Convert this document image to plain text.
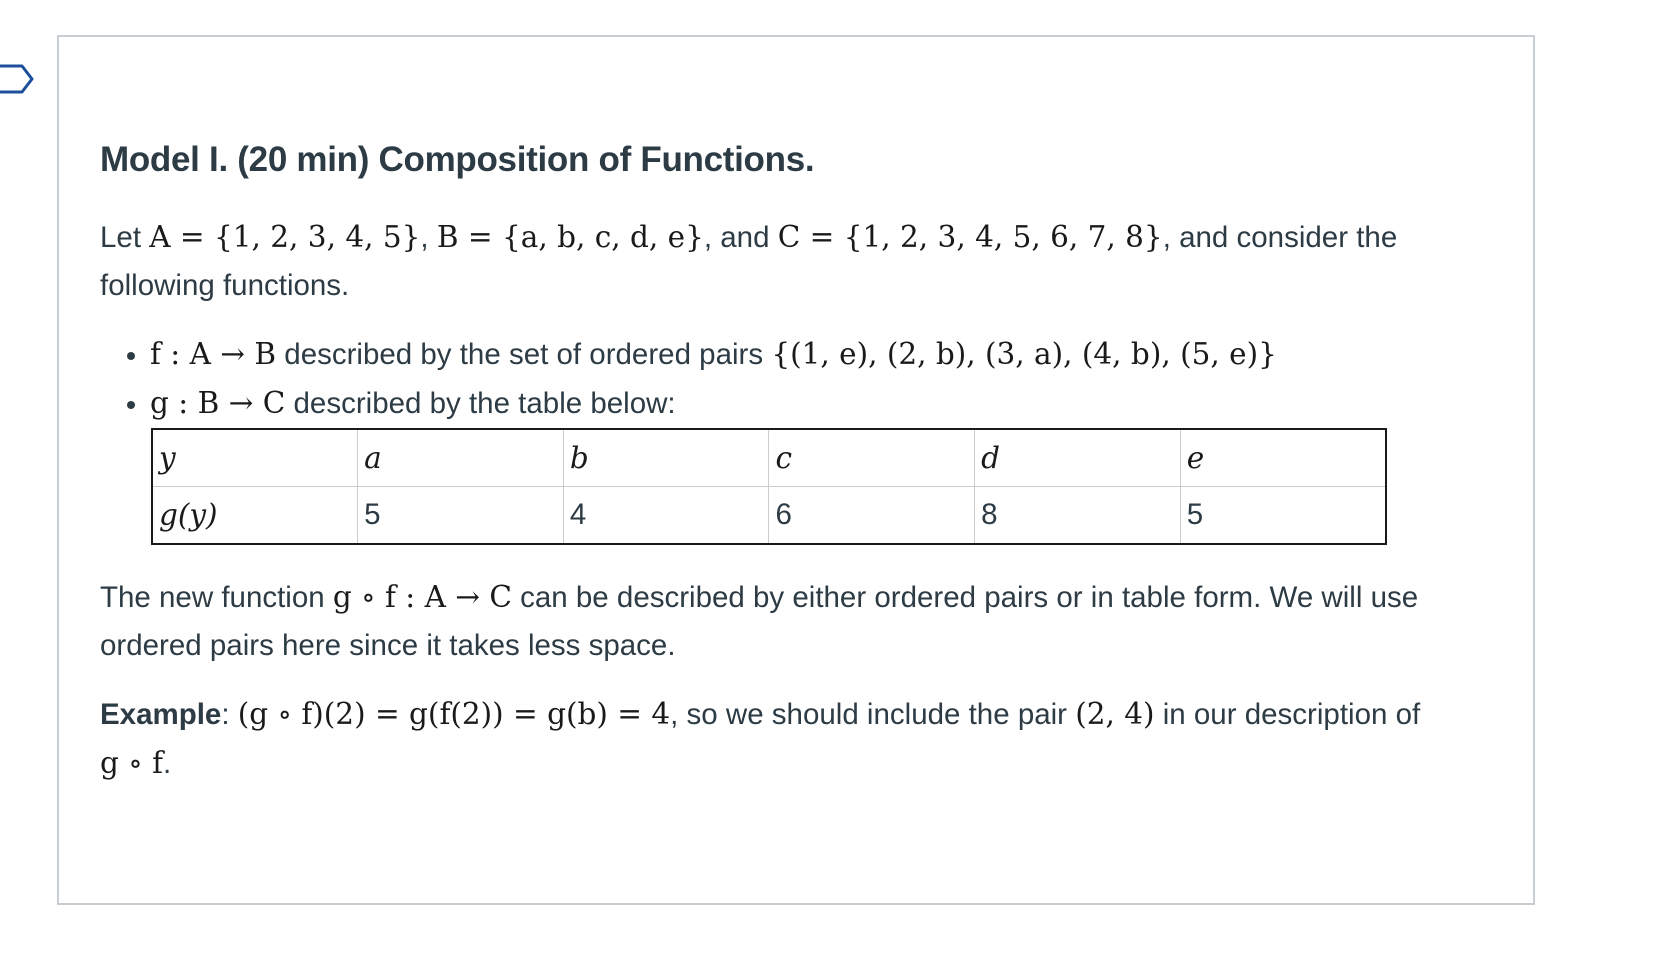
Model I. (20 min) Composition of Functions.

Let A = {1, 2, 3, 4, 5}, B = {a, b, c, d, e}, and C = {1, 2, 3, 4, 5, 6, 7, 8}, and consider the following functions.

• f : A → B described by the set of ordered pairs {(1, e), (2, b), (3, a), (4, b), (5, e)}
• g : B → C described by the table below:
y	a	b	c	d	e
g(y)	5	4	6	8	5

The new function g ∘ f : A → C can be described by either ordered pairs or in table form. We will use ordered pairs here since it takes less space.

Example: (g ∘ f)(2) = g(f(2)) = g(b) = 4, so we should include the pair (2, 4) in our description of g ∘ f.
